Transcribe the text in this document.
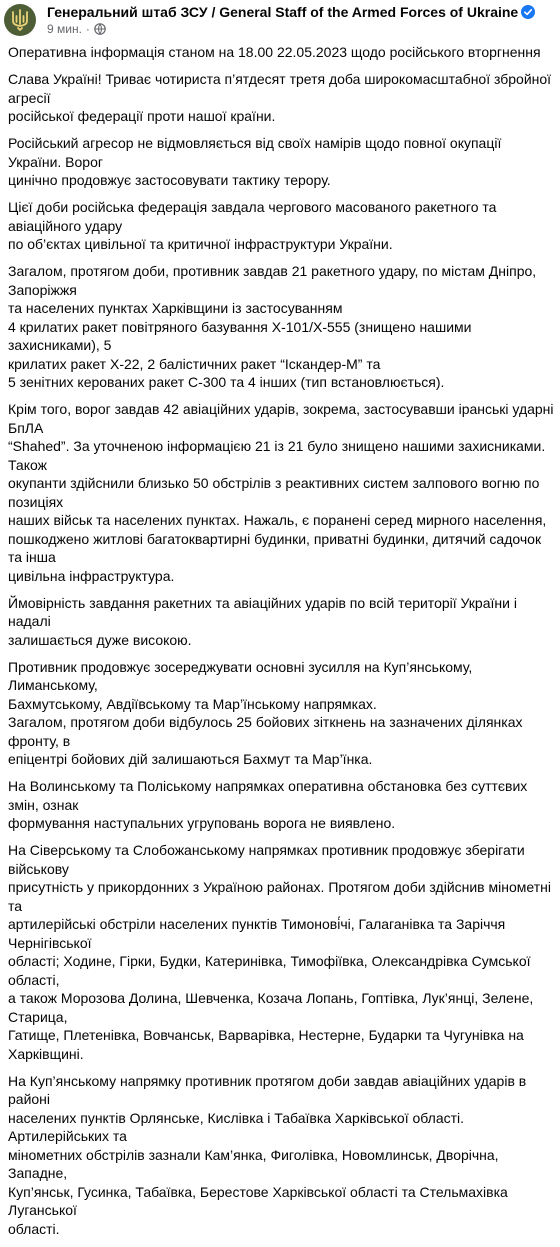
Генеральний штаб ЗСУ / General Staff of the Armed Forces of Ukraine
9 мин. ·

Оперативна інформація станом на 18.00 22.05.2023 щодо російського вторгнення

Слава Україні! Триває чотириста п’ятдесят третя доба широкомасштабної збройної агресії
російської федерації проти нашої країни.

Російський агресор не відмовляється від своїх намірів щодо повної окупації України. Ворог
цинічно продовжує застосовувати тактику терору.

Цієї доби російська федерація завдала чергового масованого ракетного та авіаційного удару
по об’єктах цивільної та критичної інфраструктури України.

Загалом, протягом доби, противник завдав 21 ракетного удару, по містам Дніпро, Запоріжжя
та населених пунктах Харківщини із застосуванням
4 крилатих ракет повітряного базування Х-101/Х-555 (знищено нашими захисниками), 5
крилатих ракет Х-22, 2 балістичних ракет “Іскандер-М” та
5 зенітних керованих ракет С-300 та 4 інших (тип встановлюється).

Крім того, ворог завдав 42 авіаційних ударів, зокрема, застосувавши іранські ударні БпЛА
“Shahed”. За уточненою інформацією 21 із 21 було знищено нашими захисниками. Також
окупанти здійснили близько 50 обстрілів з реактивних систем залпового вогню по позиціях
наших військ та населених пунктах. Нажаль, є поранені серед мирного населення,
пошкоджено житлові багатоквартирні будинки, приватні будинки, дитячий садочок та інша
цивільна інфраструктура.

Ймовірність завдання ракетних та авіаційних ударів по всій території України і надалі
залишається дуже високою.

Противник продовжує зосереджувати основні зусилля на Куп’янському, Лиманському,
Бахмутському, Авдіївському та Мар’їнському напрямках.
Загалом, протягом доби відбулось 25 бойових зіткнень на зазначених ділянках фронту, в
епіцентрі бойових дій залишаються Бахмут та Мар’їнка.

На Волинському та Поліському напрямках оперативна обстановка без суттєвих змін, ознак
формування наступальних угруповань ворога не виявлено.

На Сіверському та Слобожанському напрямках противник продовжує зберігати військову
присутність у прикордонних з Україною районах. Протягом доби здійснив мінометні та
артилерійські обстріли населених пунктів Тимонові́чі, Галаганівка та Заріччя Чернігівської
області; Ходине, Гірки, Будки, Катеринівка, Тимофіївка, Олександрівка Сумської області,
а також Морозова Долина, Шевченка, Козача Лопань, Гоптівка, Лук’янці, Зелене, Старица,
Гатище, Плетенівка, Вовчанськ, Варварівка, Нестерне, Бударки та Чугунівка на Харківщині.

На Куп’янському напрямку противник протягом доби завдав авіаційних ударів в районі
населених пунктів Орлянське, Кислівка і Табаївка Харківської області. Артилерійських та
мінометних обстрілів зазнали Кам’янка, Фиголівка, Новомлинськ, Дворічна, Западне,
Куп’янськ, Гусинка, Табаївка, Берестове Харківської області та Стельмахівка Луганської
області.
